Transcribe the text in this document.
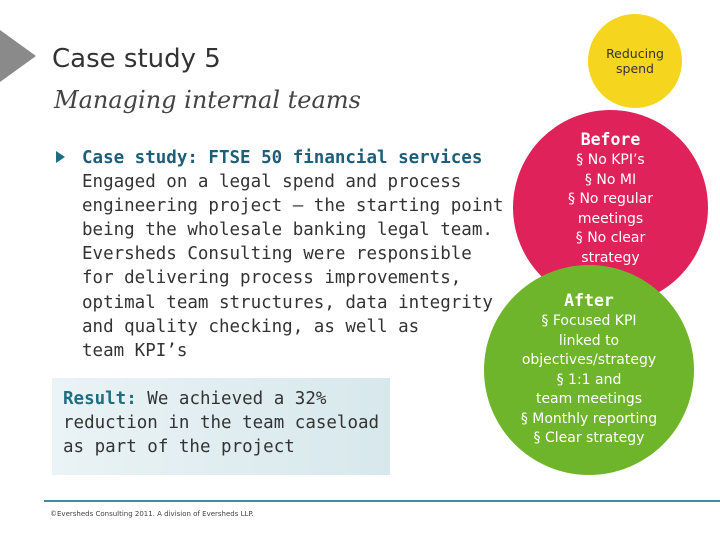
Case study 5
Managing internal teams
Reducing
spend
Case study: FTSE 50 financial services
Engaged on a legal spend and process
engineering project – the starting point
being the wholesale banking legal team.
Eversheds Consulting were responsible
for delivering process improvements,
optimal team structures, data integrity
and quality checking, as well as
team KPI’s
Result: We achieved a 32% reduction in the team caseload as part of the project
Before
§ No KPI’s
§ No MI
§ No regular
meetings
§ No clear
strategy
After
§ Focused KPI
linked to
objectives/strategy
§ 1:1 and
team meetings
§ Monthly reporting
§ Clear strategy
©Eversheds Consulting 2011. A division of Eversheds LLP.
